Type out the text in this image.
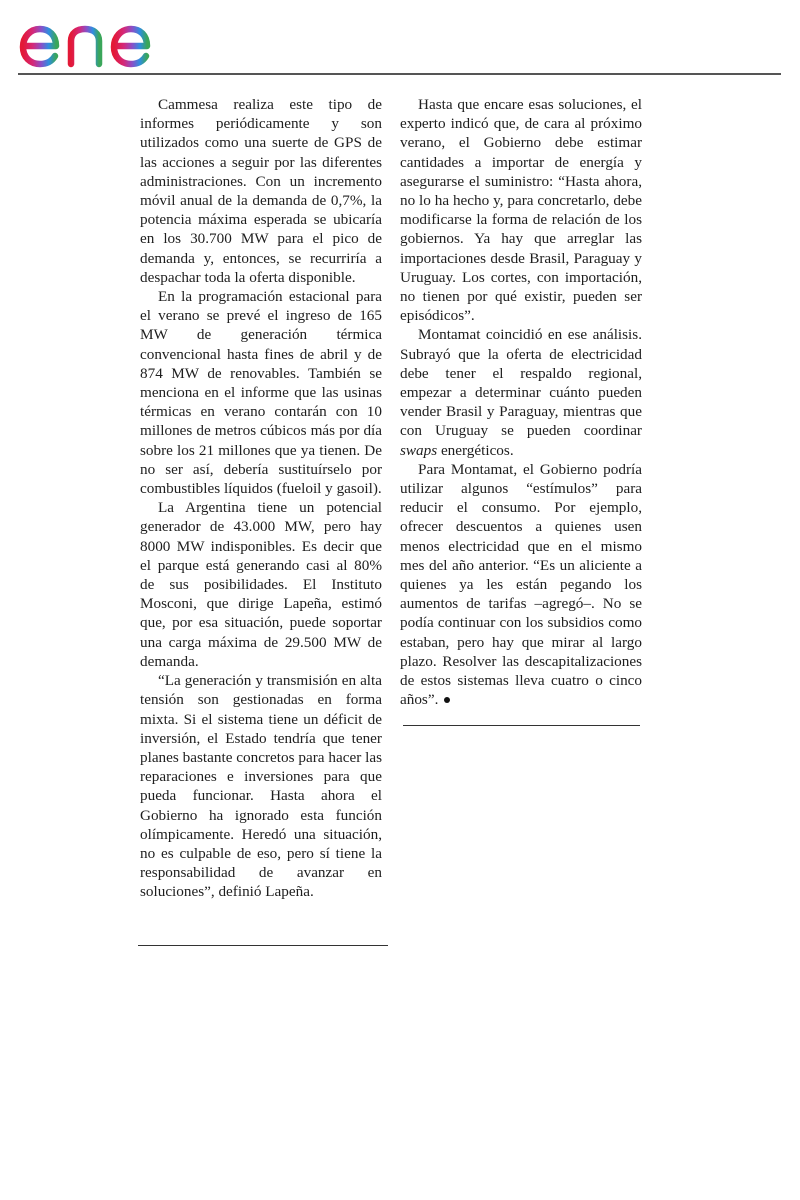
Cammesa realiza este tipo de informes periódicamente y son utilizados como una suerte de GPS de las acciones a seguir por las diferentes administraciones. Con un incremento móvil anual de la demanda de 0,7%, la potencia máxima esperada se ubicaría en los 30.700 MW para el pico de demanda y, entonces, se recurriría a despachar toda la oferta disponible.

En la programación estacional para el verano se prevé el ingreso de 165 MW de generación térmica convencional hasta fines de abril y de 874 MW de renovables. También se menciona en el informe que las usinas térmicas en verano contarán con 10 millones de metros cúbicos más por día sobre los 21 millones que ya tienen. De no ser así, debería sustituírselo por combustibles líquidos (fueloil y gasoil).

La Argentina tiene un potencial generador de 43.000 MW, pero hay 8000 MW indisponibles. Es decir que el parque está generando casi al 80% de sus posibilidades. El Instituto Mosconi, que dirige Lapeña, estimó que, por esa situación, puede soportar una carga máxima de 29.500 MW de demanda.

“La generación y transmisión en alta tensión son gestionadas en forma mixta. Si el sistema tiene un déficit de inversión, el Estado tendría que tener planes bastante concretos para hacer las reparaciones e inversiones para que pueda funcionar. Hasta ahora el Gobierno ha ignorado esta función olímpicamente. Heredó una situación, no es culpable de eso, pero sí tiene la responsabilidad de avanzar en soluciones”, definió Lapeña.

Hasta que encare esas soluciones, el experto indicó que, de cara al próximo verano, el Gobierno debe estimar cantidades a importar de energía y asegurarse el suministro: “Hasta ahora, no lo ha hecho y, para concretarlo, debe modificarse la forma de relación de los gobiernos. Ya hay que arreglar las importaciones desde Brasil, Paraguay y Uruguay. Los cortes, con importación, no tienen por qué existir, pueden ser episódicos”.

Montamat coincidió en ese análisis. Subrayó que la oferta de electricidad debe tener el respaldo regional, empezar a determinar cuánto pueden vender Brasil y Paraguay, mientras que con Uruguay se pueden coordinar swaps energéticos.

Para Montamat, el Gobierno podría utilizar algunos “estímulos” para reducir el consumo. Por ejemplo, ofrecer descuentos a quienes usen menos electricidad que en el mismo mes del año anterior. “Es un aliciente a quienes ya les están pegando los aumentos de tarifas –agregó–. No se podía continuar con los subsidios como estaban, pero hay que mirar al largo plazo. Resolver las descapitalizaciones de estos sistemas lleva cuatro o cinco años”.
